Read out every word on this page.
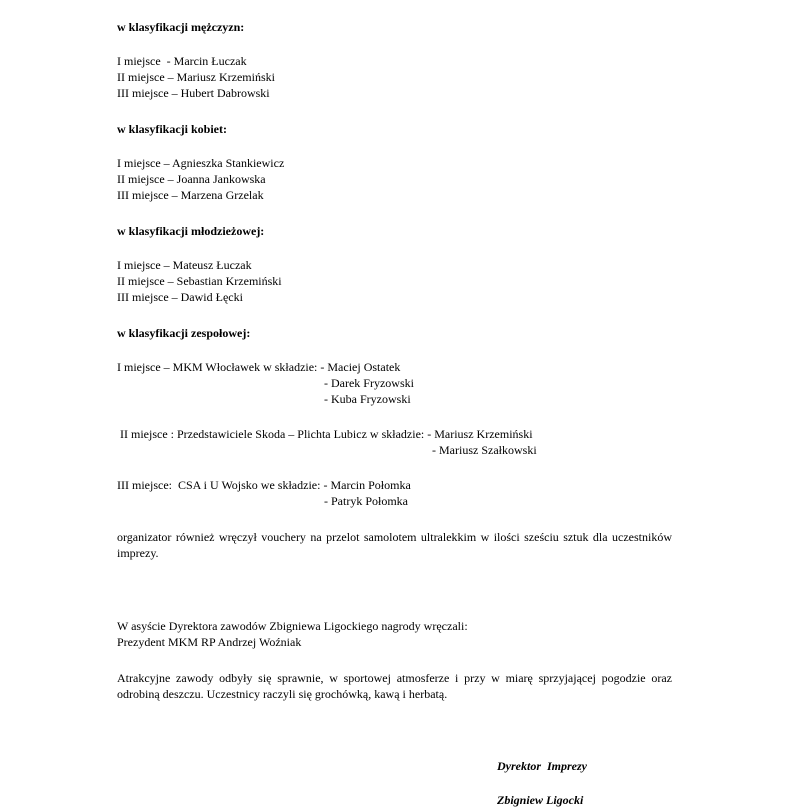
w klasyfikacji mężczyzn:
I miejsce  - Marcin Łuczak
II miejsce – Mariusz Krzemiński
III miejsce – Hubert Dabrowski
w klasyfikacji kobiet:
I miejsce – Agnieszka Stankiewicz
II miejsce – Joanna Jankowska
III miejsce – Marzena Grzelak
w klasyfikacji młodzieżowej:
I miejsce – Mateusz Łuczak
II miejsce – Sebastian Krzemiński
III miejsce – Dawid Łęcki
w klasyfikacji zespołowej:
I miejsce – MKM Włocławek w składzie: - Maciej Ostatek
- Darek Fryzowski
- Kuba Fryzowski
II miejsce : Przedstawiciele Skoda – Plichta Lubicz w składzie: - Mariusz Krzemiński
- Mariusz Szałkowski
III miejsce:  CSA i U Wojsko we składzie: - Marcin Połomka
- Patryk Połomka
organizator również wręczył vouchery na przelot samolotem ultralekkim w ilości sześciu sztuk dla uczestników imprezy.
W asyście Dyrektora zawodów Zbigniewa Ligockiego nagrody wręczali:
Prezydent MKM RP Andrzej Woźniak
Atrakcyjne zawody odbyły się sprawnie, w sportowej atmosferze i przy w miarę sprzyjającej pogodzie oraz odrobiną deszczu. Uczestnicy raczyli się grochówką, kawą i herbatą.
Dyrektor  Imprezy
Zbigniew Ligocki
